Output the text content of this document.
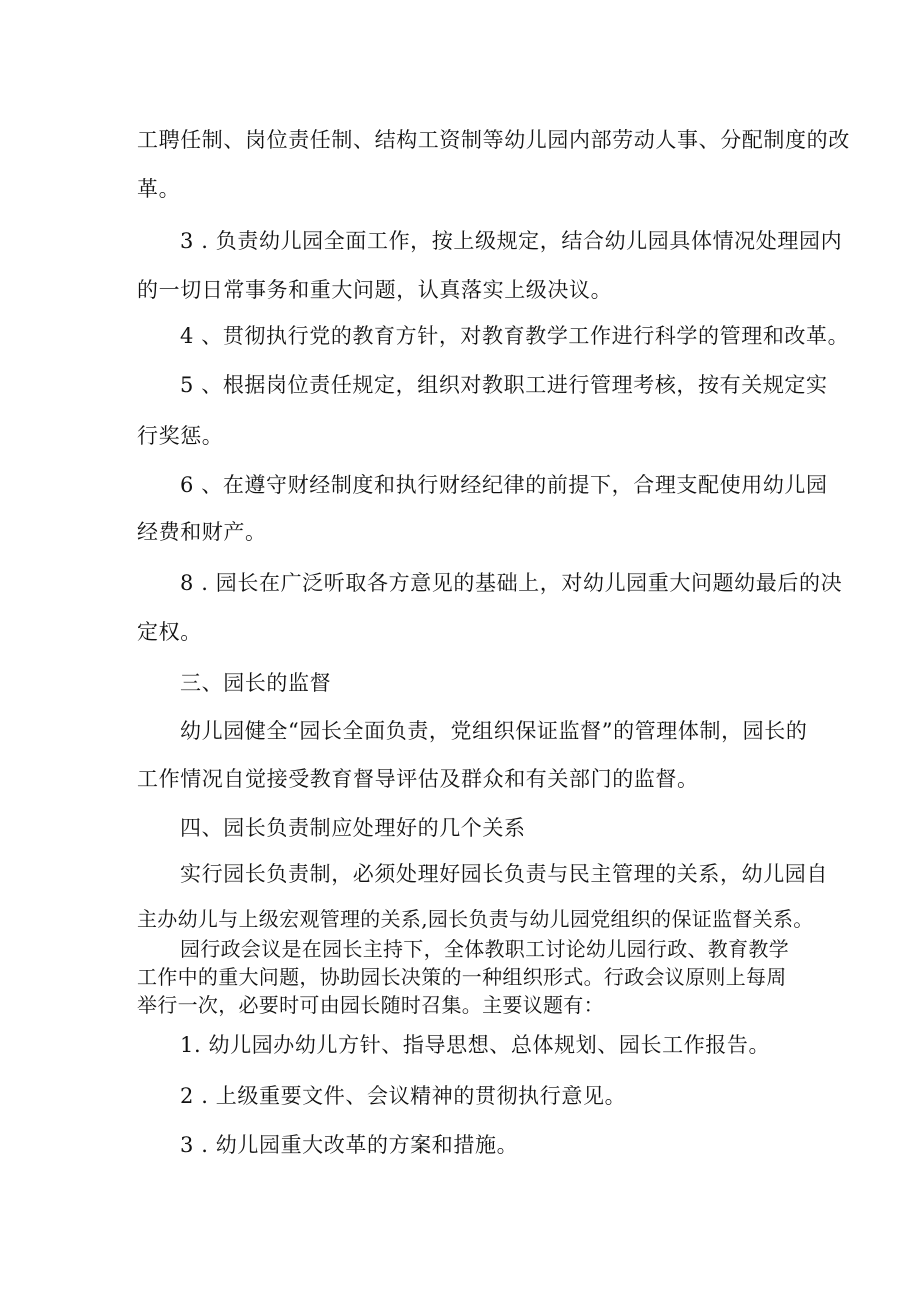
工聘任制、岗位责任制、结构工资制等幼儿园内部劳动人事、分配制度的改
革。
3 . 负责幼儿园全面工作，按上级规定，结合幼儿园具体情况处理园内
的一切日常事务和重大问题，认真落实上级决议。
4 、贯彻执行党的教育方针，对教育教学工作进行科学的管理和改革。
5 、根据岗位责任规定，组织对教职工进行管理考核，按有关规定实
行奖惩。
6 、在遵守财经制度和执行财经纪律的前提下，合理支配使用幼儿园
经费和财产。
8 . 园长在广泛听取各方意见的基础上，对幼儿园重大问题幼最后的决
定权。
三、园长的监督
幼儿园健全“园长全面负责，党组织保证监督”的管理体制，园长的
工作情况自觉接受教育督导评估及群众和有关部门的监督。
四、园长负责制应处理好的几个关系
实行园长负责制，必须处理好园长负责与民主管理的关系，幼儿园自
主办幼儿与上级宏观管理的关系,园长负责与幼儿园党组织的保证监督关系。
园行政会议是在园长主持下，全体教职工讨论幼儿园行政、教育教学
工作中的重大问题，协助园长决策的一种组织形式。行政会议原则上每周
举行一次，必要时可由园长随时召集。主要议题有：
1. 幼儿园办幼儿方针、指导思想、总体规划、园长工作报告。
2 . 上级重要文件、会议精神的贯彻执行意见。
3 . 幼儿园重大改革的方案和措施。
